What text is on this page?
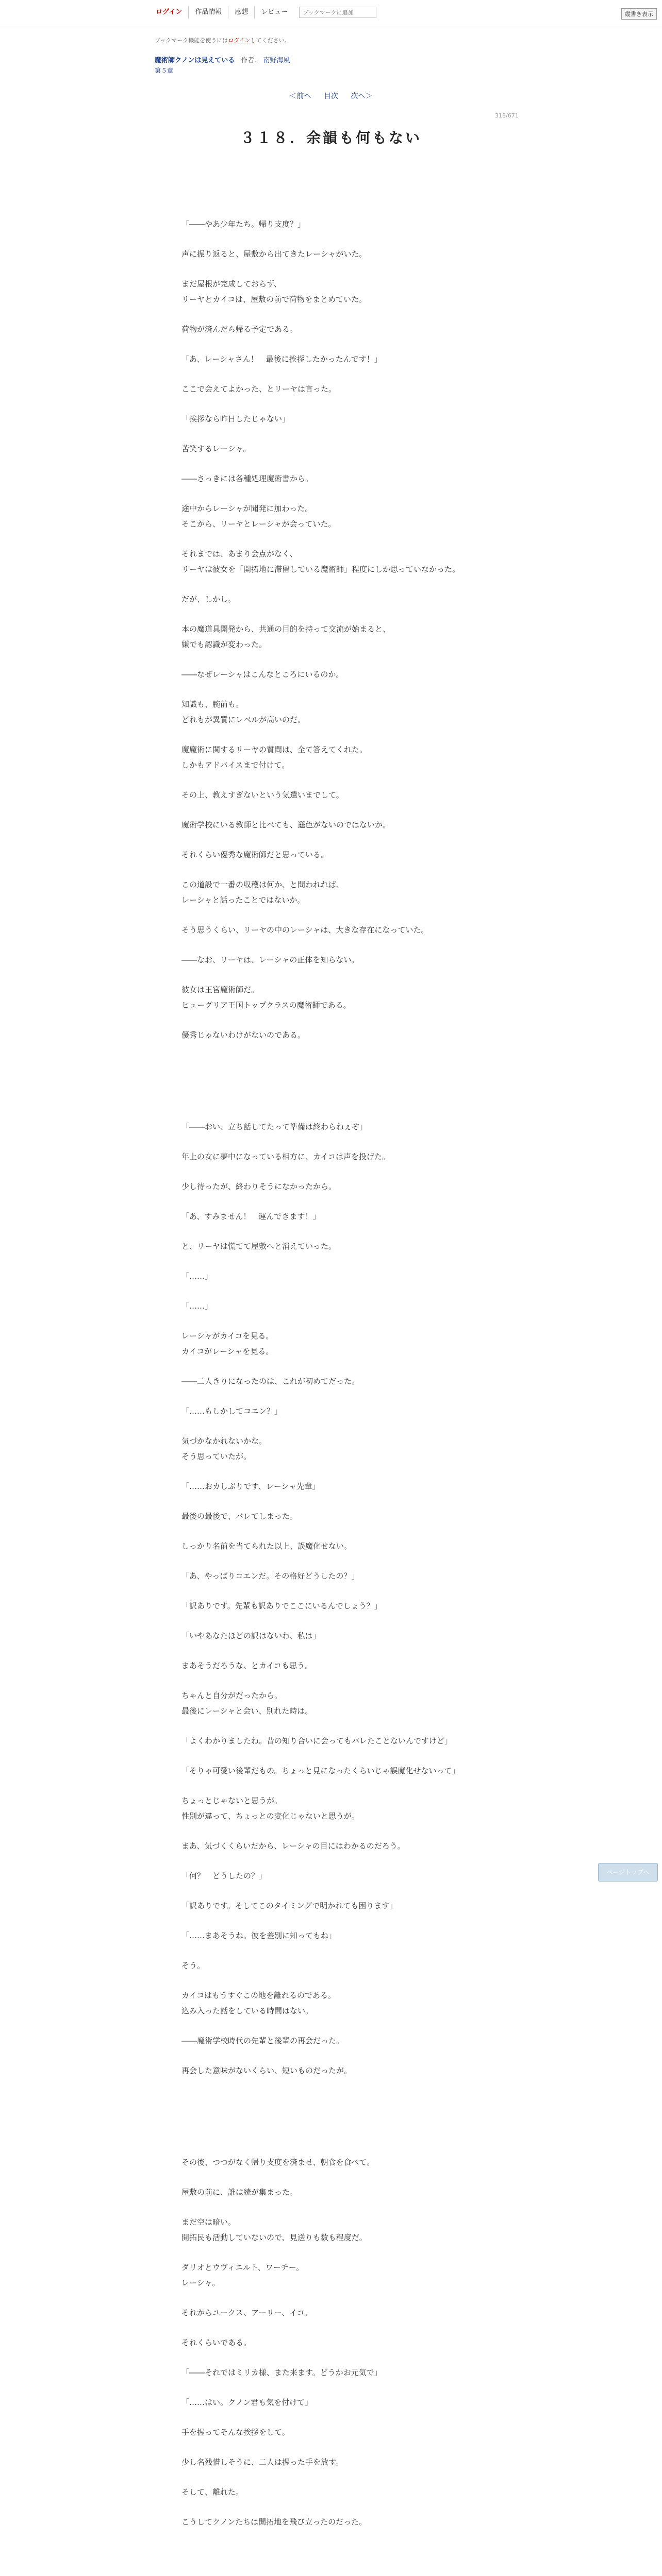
ログイン	作品情報	感想	レビュー
ブックマークに追加	縦書き表示
ブックマーク機能を使うにはログインしてください。
魔術師クノンは見えている 作者： 南野海風
第５章
＜前へ 目次 次へ＞
318/671
３１８．余韻も何もない
「――やあ少年たち。帰り支度？」
声に振り返ると、屋敷から出てきたレーシャがいた。
まだ屋根が完成しておらず、
リーヤとカイコは、屋敷の前で荷物をまとめていた。
荷物が済んだら帰る予定である。
「あ、レーシャさん！　最後に挨拶したかったんです！」
ここで会えてよかった、とリーヤは言った。
「挨拶なら昨日したじゃない」
苦笑するレーシャ。
――さっきには各種処理魔術書から。
途中からレーシャが聞発に加わった。
そこから、リーヤとレーシャが会っていた。
それまでは、あまり会点がなく、
リーヤは彼女を「開拓地に滞留している魔術師」程度にしか思っていなかった。
だが、しかし。
本の魔道具開発から、共通の目的を持って交流が始まると、
嫌でも認識が変わった。
――なぜレーシャはこんなところにいるのか。
知識も、腕前も。
どれもが異質にレベルが高いのだ。
魔魔術に関するリーヤの質問は、全て答えてくれた。
しかもアドバイスまで付けて。
その上、教えすぎないという気遣いまでして。
魔術学校にいる教師と比べても、遜色がないのではないか。
それくらい優秀な魔術師だと思っている。
この道設で一番の収穫は何か、と問われれば、
レーシャと話ったことではないか。
そう思うくらい、リーヤの中のレーシャは、大きな存在になっていた。
――なお、リーヤは、レーシャの正体を知らない。
彼女は王宮魔術師だ。
ヒューグリア王国トップクラスの魔術師である。
優秀じゃないわけがないのである。
「――おい、立ち話してたって準備は終わらねぇぞ」
年上の女に夢中になっている相方に、カイコは声を投げた。
少し待ったが、終わりそうになかったから。
「あ、すみません！　運んできます！」
と、リーヤは慌てて屋敷へと消えていった。
「……」
「……」
レーシャがカイコを見る。
カイコがレーシャを見る。
――二人きりになったのは、これが初めてだった。
「……もしかしてコエン？」
気づかなかれないかな。
そう思っていたが。
「……おカしぶりです、レーシャ先輩」
最後の最後で、バレてしまった。
しっかり名前を当てられた以上、誤魔化せない。
「あ、やっぱりコエンだ。その格好どうしたの？」
「訳ありです。先輩も訳ありでここにいるんでしょう？」
「いやあなたほどの訳はないわ、私は」
まあそうだろうな、とカイコも思う。
ちゃんと自分がだったから。
最後にレーシャと会い、別れた時は。
「よくわかりましたね。昔の知り合いに会ってもバレたことないんですけど」
「そりゃ可愛い後輩だもの。ちょっと見になったくらいじゃ誤魔化せないって」
ちょっとじゃないと思うが。
性別が違って、ちょっとの変化じゃないと思うが。
まあ、気づくくらいだから、レーシャの目にはわかるのだろう。
「何？　どうしたの？」
「訳ありです。そしてこのタイミングで明かれても困ります」
「……まあそうね。彼を差別に知ってもね」
そう。
カイコはもうすぐこの地を離れるのである。
込み入った話をしている時間はない。
――魔術学校時代の先輩と後輩の再会だった。
再会した意味がないくらい、短いものだったが。
その後、つつがなく帰り支度を済ませ、朝食を食べて。
屋敷の前に、誰は続が集まった。
まだ空は暗い。
開拓民も活動していないので、見送りも数も程度だ。
ダリオとウヴィエルト、ワーチー。
レーシャ。
それからユークス、アーリー、イコ。
それくらいである。
「――それではミリカ様、また来ます。どうかお元気で」
「……はい。クノン君も気を付けて」
手を握ってそんな挨拶をして。
少し名残惜しそうに、二人は握った手を放す。
そして、離れた。
こうしてクノンたちは開拓地を飛び立ったのだった。
ページトップへ
